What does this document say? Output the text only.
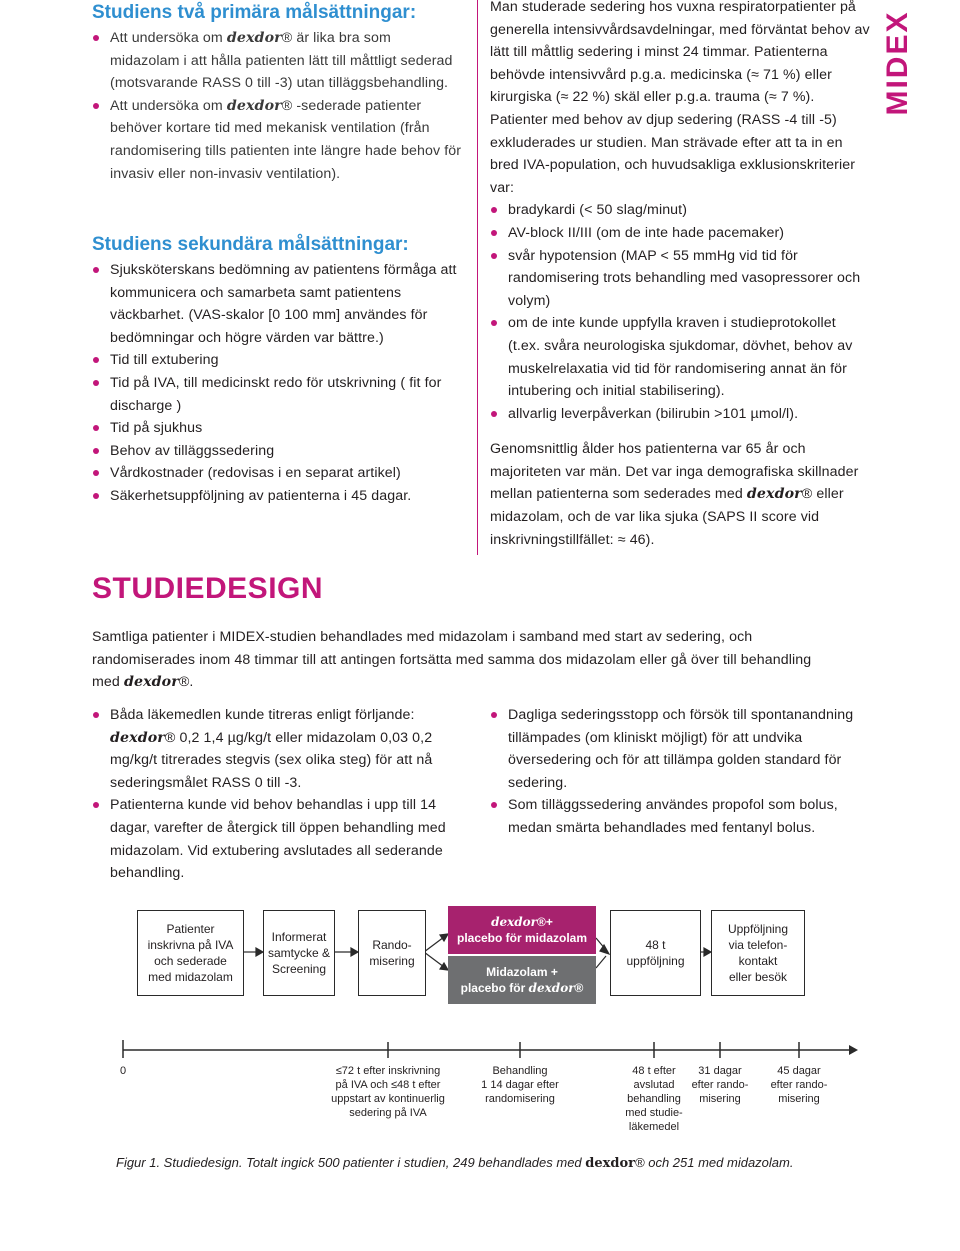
Studiens två primära målsättningar:
Att undersöka om dexdor® är lika bra som midazolam i att hålla patienten lätt till måttligt sederad (motsvarande RASS 0 till -3) utan tilläggsbehandling.
Att undersöka om dexdor® -sederade patienter behöver kortare tid med mekanisk ventilation (från randomisering tills patienten inte längre hade behov för invasiv eller non-invasiv ventilation).
Studiens sekundära målsättningar:
Sjuksköterskans bedömning av patientens förmåga att kommunicera och samarbeta samt patientens väckbarhet. (VAS-skalor [0 100 mm] användes för bedömningar och högre värden var bättre.)
Tid till extubering
Tid på IVA, till medicinskt redo för utskrivning ( fit for discharge )
Tid på sjukhus
Behov av tilläggssedering
Vårdkostnader (redovisas i en separat artikel)
Säkerhetsuppföljning av patienterna i 45 dagar.

Man studerade sedering hos vuxna respiratorpatienter på generella intensivvårdsavdelningar, med förväntat behov av lätt till måttlig sedering i minst 24 timmar. Patienterna behövde intensivvård p.g.a. medicinska (≈ 71 %) eller kirurgiska (≈ 22 %) skäl eller p.g.a. trauma (≈ 7 %). Patienter med behov av djup sedering (RASS -4 till -5) exkluderades ur studien. Man strävade efter att ta in en bred IVA-population, och huvudsakliga exklusionskriterier var:

bradykardi (< 50 slag/minut)
AV-block II/III (om de inte hade pacemaker)
svår hypotension (MAP < 55 mmHg vid tid för randomisering trots behandling med vasopressorer och volym)
om de inte kunde uppfylla kraven i studieprotokollet (t.ex. svåra neurologiska sjukdomar, dövhet, behov av muskelrelaxatia vid tid för randomisering annat än för intubering och initial stabilisering).
allvarlig leverpåverkan (bilirubin >101 µmol/l).

Genomsnittlig ålder hos patienterna var 65 år och majoriteten var män. Det var inga demografiska skillnader mellan patienterna som sederades med dexdor® eller midazolam, och de var lika sjuka (SAPS II score vid inskrivningstillfället: ≈ 46).

MIDEX
STUDIEDESIGN
Samtliga patienter i MIDEX-studien behandlades med midazolam i samband med start av sedering, och randomiserades inom 48 timmar till att antingen fortsätta med samma dos midazolam eller gå över till behandling med dexdor®.
Båda läkemedlen kunde titreras enligt förljande: dexdor® 0,2 1,4 µg/kg/t eller midazolam 0,03 0,2 mg/kg/t titrerades stegvis (sex olika steg) för att nå sederingsmålet RASS 0 till -3.
Patienterna kunde vid behov behandlas i upp till 14 dagar, varefter de återgick till öppen behandling med midazolam. Vid extubering avslutades all sederande behandling.
Dagliga sederingsstopp och försök till spontanandning tillämpades (om kliniskt möjligt) för att undvika översedering och för att tillämpa golden standard för sedering.
Som tilläggssedering användes propofol som bolus, medan smärta behandlades med fentanyl bolus.
Patienter
inskrivna på IVA
och sederade
med midazolam
Informerat
samtycke &
Screening
Rando-
misering
dexdor®+
placebo för midazolam
Midazolam +
placebo för dexdor®
48 t
uppföljning
Uppföljning
via telefon-
kontakt
eller besök
0	≤72 t efter inskrivning
på IVA och ≤48 t efter
uppstart av kontinuerlig
sedering på IVA
Behandling
1 14 dagar efter
randomisering
48 t efter
avslutad
behandling
med studie-
läkemedel
31 dagar
efter rando-
misering
45 dagar
efter rando-
misering
Figur 1. Studiedesign. Totalt ingick 500 patienter i studien, 249 behandlades med dexdor® och 251 med midazolam.
